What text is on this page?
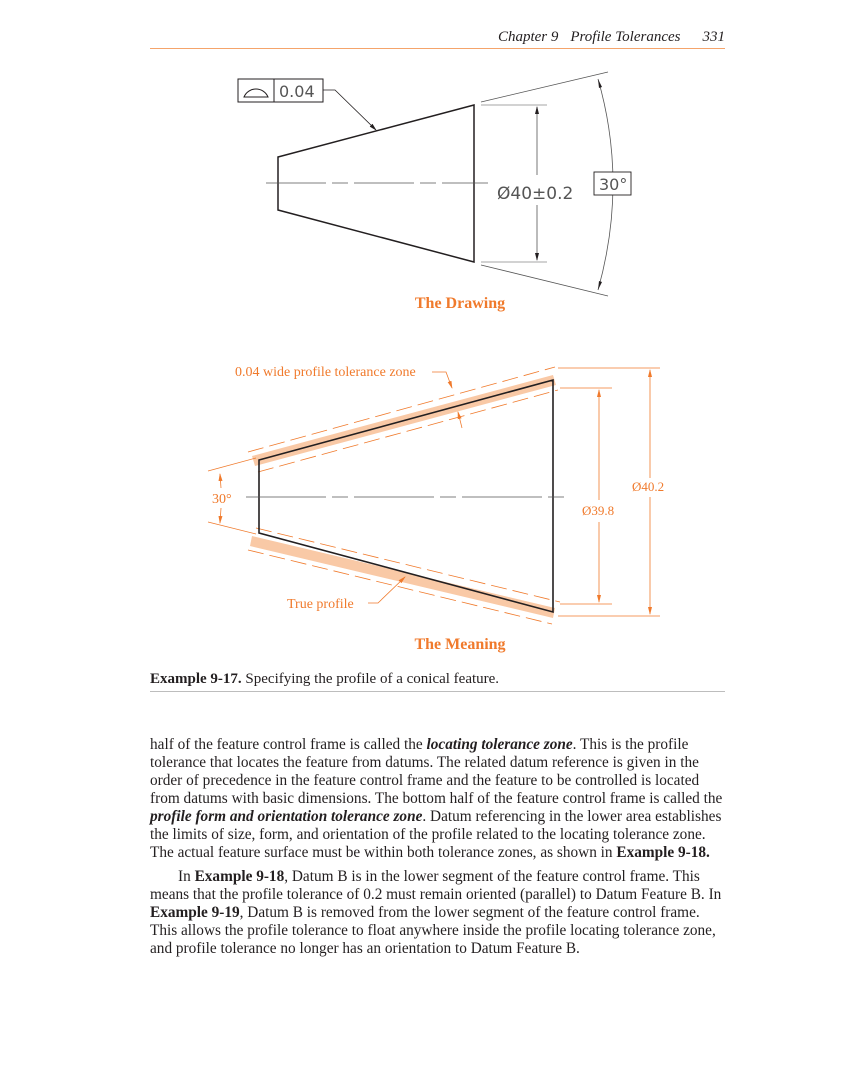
Chapter 9 Profile Tolerances 331
0.04
Ø40±0.2 30°
0.04 wide profile tolerance zone
30°
True profile
Ø39.8
Ø40.2
The Drawing
The Meaning
Example 9-17. Specifying the profile of a conical feature.

half of the feature control frame is called the locating tolerance zone. This is the profile tolerance that locates the feature from datums. The related datum reference is given in the order of precedence in the feature control frame and the feature to be controlled is located from datums with basic dimensions. The bottom half of the feature control frame is called the profile form and orientation tolerance zone. Datum referencing in the lower area establishes the limits of size, form, and orientation of the profile related to the locating tolerance zone. The actual feature surface must be within both tolerance zones, as shown in Example 9-18.

In Example 9-18, Datum B is in the lower segment of the feature control frame. This means that the profile tolerance of 0.2 must remain oriented (parallel) to Datum Feature B. In Example 9-19, Datum B is removed from the lower segment of the feature control frame. This allows the profile tolerance to float anywhere inside the profile locating tolerance zone, and profile tolerance no longer has an orientation to Datum Feature B.
